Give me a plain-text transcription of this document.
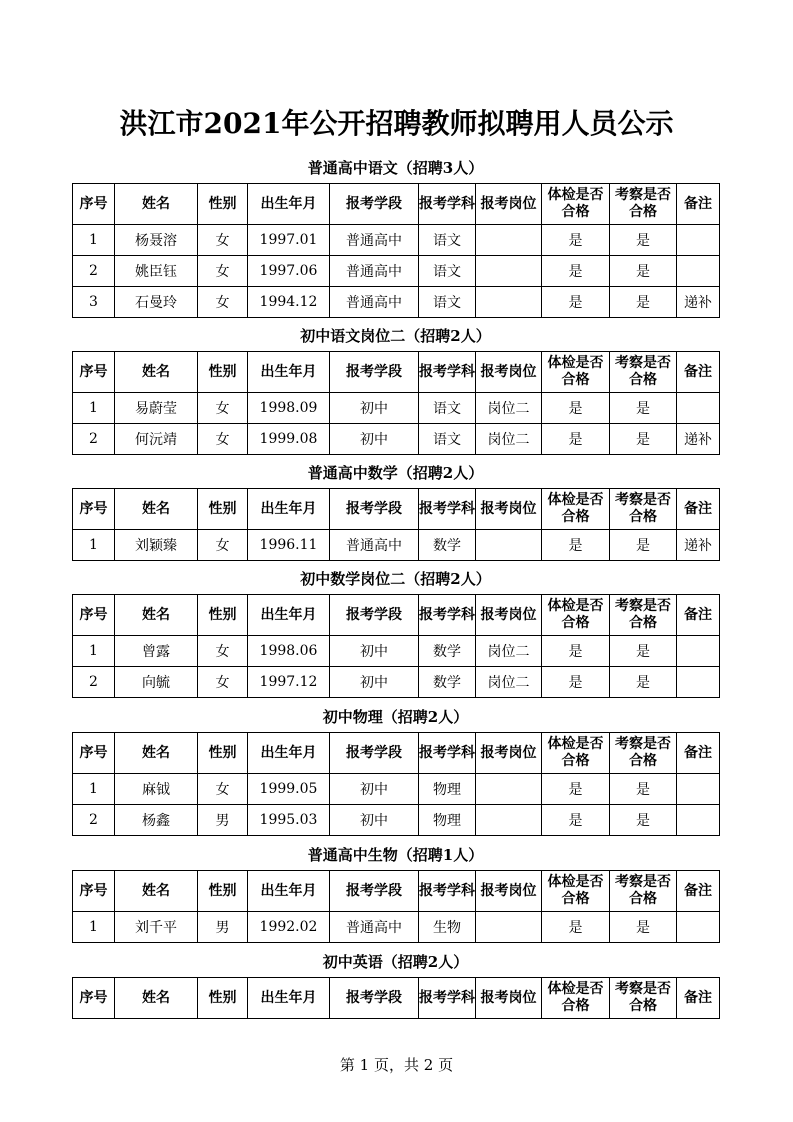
洪江市2021年公开招聘教师拟聘用人员公示
普通高中语文（招聘3人）
序号	姓名	性别	出生年月	报考学段	报考学科	报考岗位	体检是否合格	考察是否合格	备注
1	杨聂溶	女	1997.01	普通高中	语文		是	是	
2	姚臣钰	女	1997.06	普通高中	语文		是	是	
3	石曼玲	女	1994.12	普通高中	语文		是	是	递补
初中语文岗位二（招聘2人）
序号	姓名	性别	出生年月	报考学段	报考学科	报考岗位	体检是否合格	考察是否合格	备注
1	易蔚莹	女	1998.09	初中	语文	岗位二	是	是	
2	何沅靖	女	1999.08	初中	语文	岗位二	是	是	递补
普通高中数学（招聘2人）
序号	姓名	性别	出生年月	报考学段	报考学科	报考岗位	体检是否合格	考察是否合格	备注
1	刘颖臻	女	1996.11	普通高中	数学		是	是	递补
初中数学岗位二（招聘2人）
序号	姓名	性别	出生年月	报考学段	报考学科	报考岗位	体检是否合格	考察是否合格	备注
1	曾露	女	1998.06	初中	数学	岗位二	是	是	
2	向毓	女	1997.12	初中	数学	岗位二	是	是	
初中物理（招聘2人）
序号	姓名	性别	出生年月	报考学段	报考学科	报考岗位	体检是否合格	考察是否合格	备注
1	麻钺	女	1999.05	初中	物理		是	是	
2	杨鑫	男	1995.03	初中	物理		是	是	
普通高中生物（招聘1人）
序号	姓名	性别	出生年月	报考学段	报考学科	报考岗位	体检是否合格	考察是否合格	备注
1	刘千平	男	1992.02	普通高中	生物		是	是	
初中英语（招聘2人）
序号	姓名	性别	出生年月	报考学段	报考学科	报考岗位	体检是否合格	考察是否合格	备注
第 1 页，共 2 页
